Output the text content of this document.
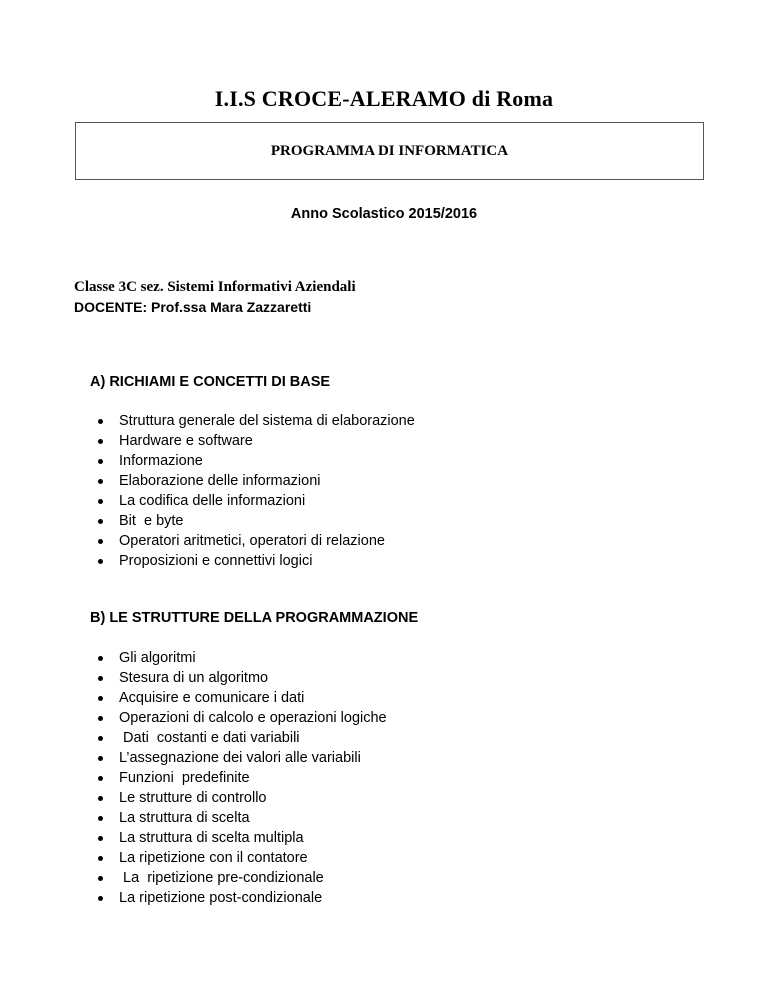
I.I.S CROCE-ALERAMO di Roma
PROGRAMMA DI INFORMATICA
Anno Scolastico 2015/2016
Classe 3C sez. Sistemi Informativi Aziendali
DOCENTE: Prof.ssa Mara Zazzaretti
A) RICHIAMI E CONCETTI DI BASE
Struttura generale del sistema di elaborazione
Hardware e software
Informazione
Elaborazione delle informazioni
La codifica delle informazioni
Bit  e byte
Operatori aritmetici, operatori di relazione
Proposizioni e connettivi logici
B) LE STRUTTURE DELLA PROGRAMMAZIONE
Gli algoritmi
Stesura di un algoritmo
Acquisire e comunicare i dati
Operazioni di calcolo e operazioni logiche
Dati  costanti e dati variabili
L’assegnazione dei valori alle variabili
Funzioni  predefinite
Le strutture di controllo
La struttura di scelta
La struttura di scelta multipla
La ripetizione con il contatore
La  ripetizione pre-condizionale
La ripetizione post-condizionale
